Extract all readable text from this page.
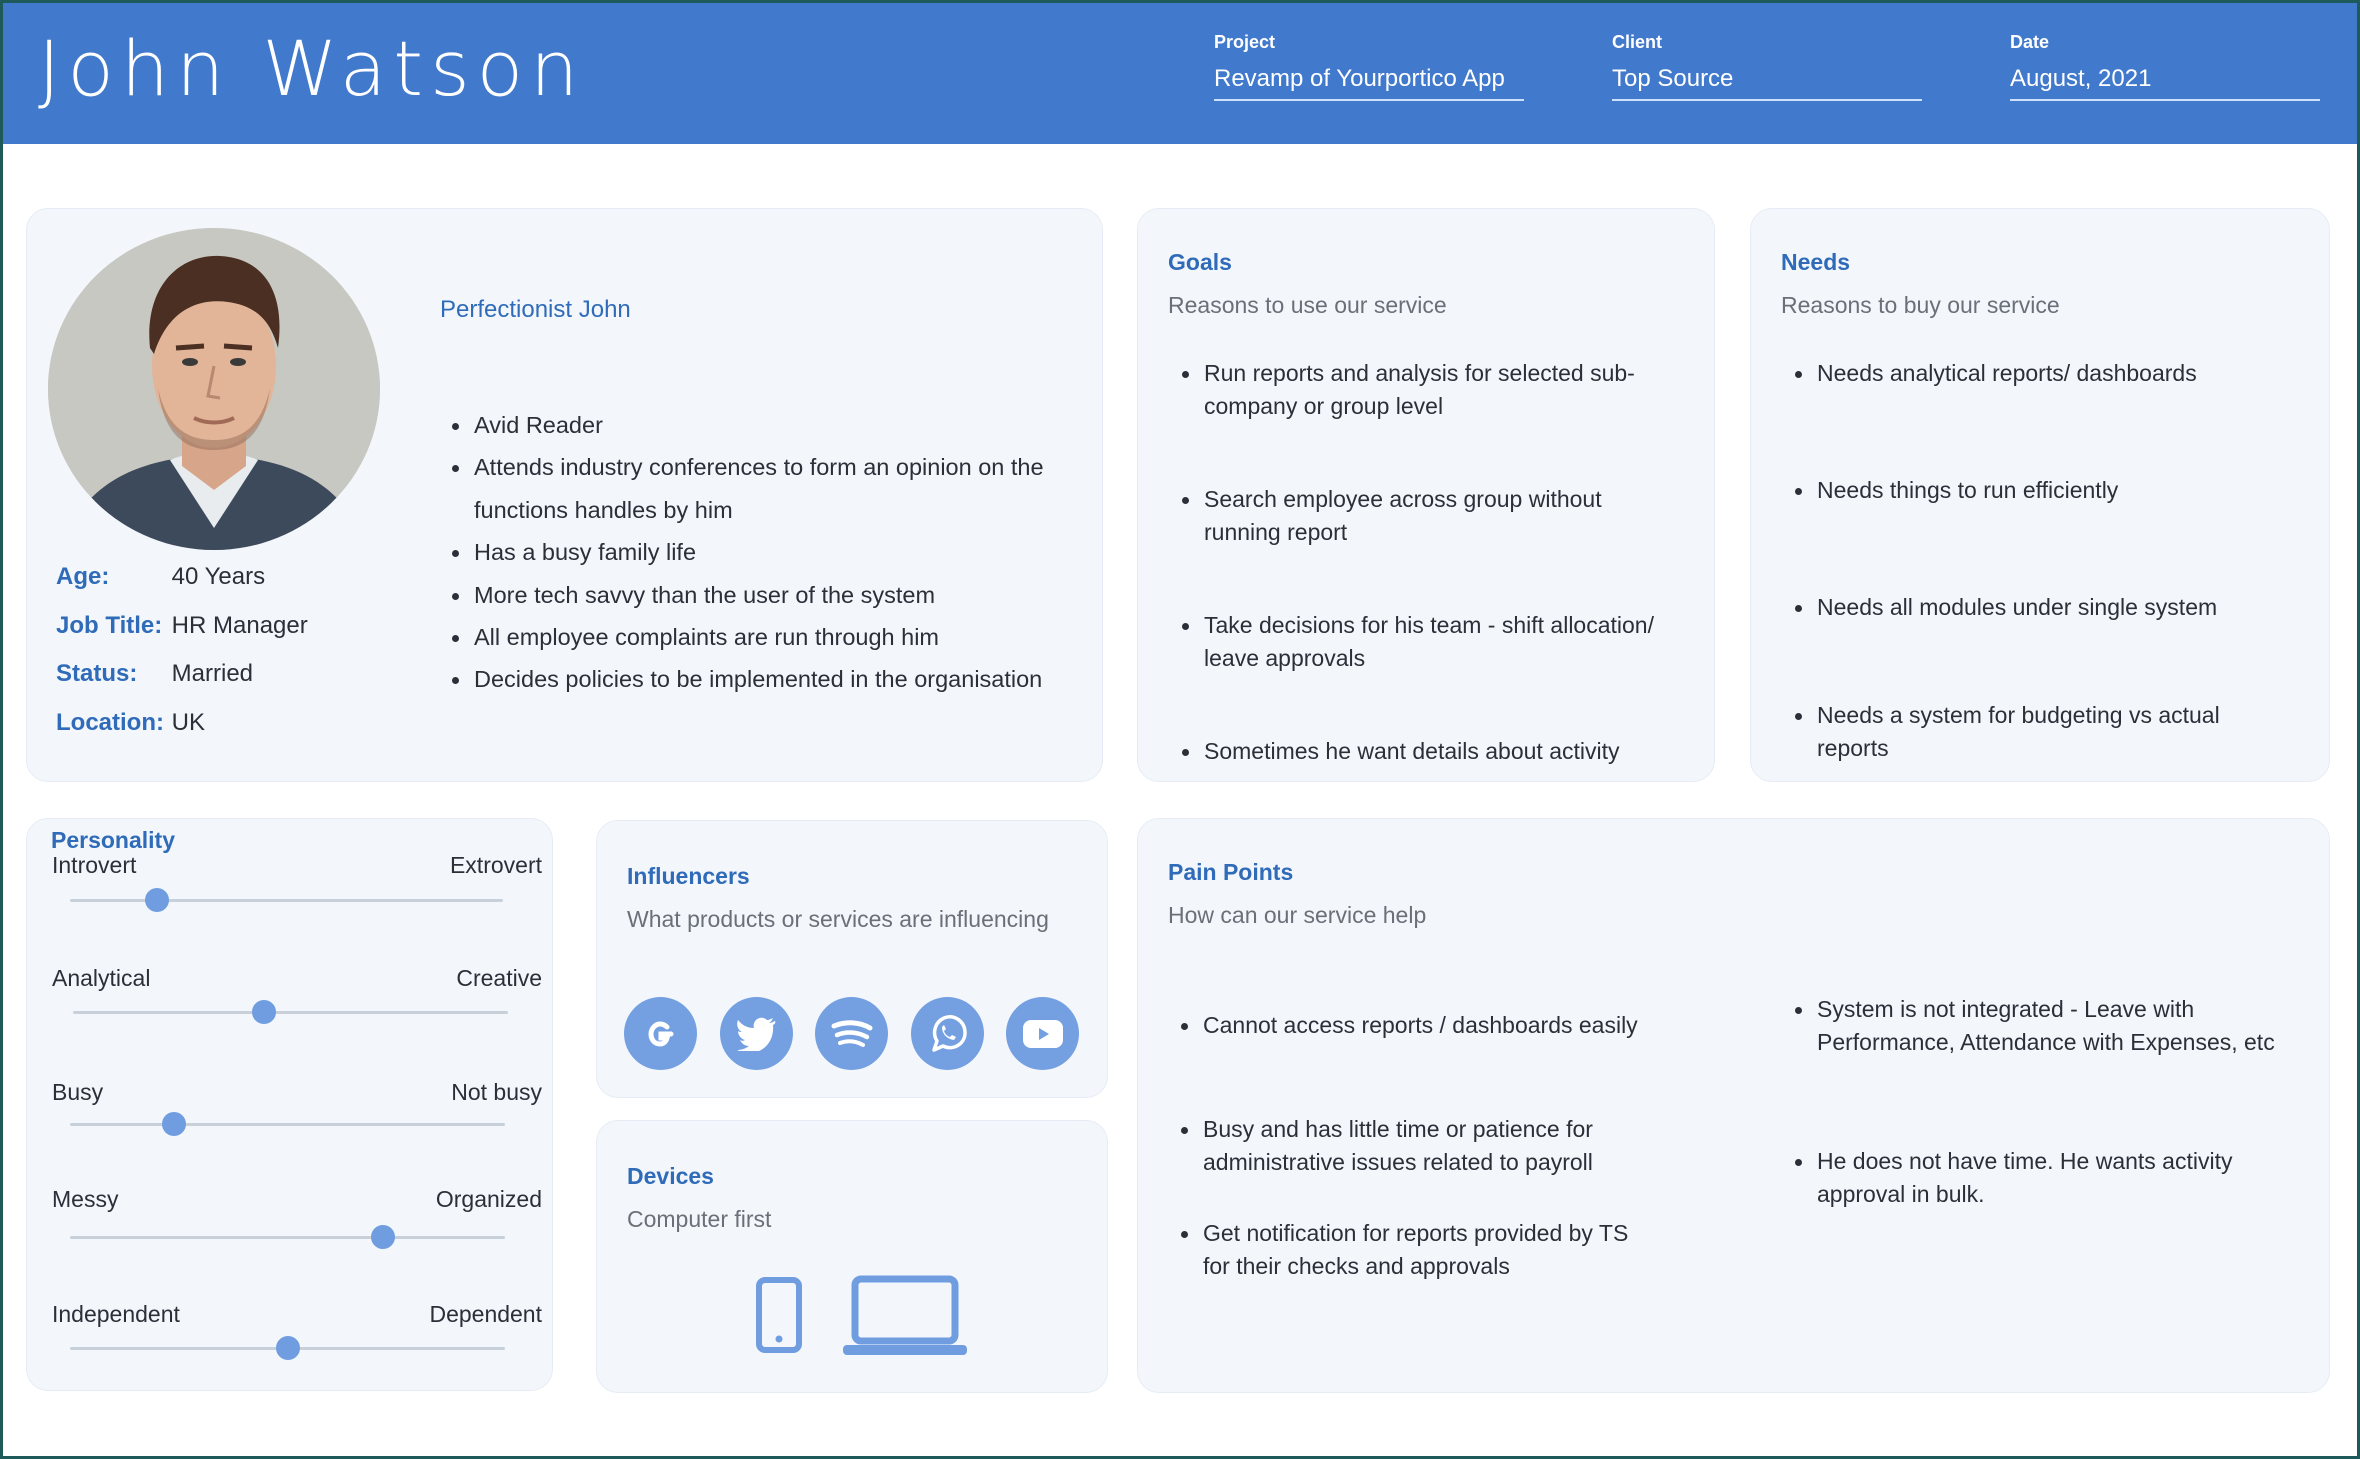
John Watson	Project
Revamp of Yourportico App
Client
Top Source
Date
August, 2021
Age:	40 Years
Job Title: HR Manager
Status: Married
Location: UK
Perfectionist John
Avid Reader
Attends industry conferences to form an opinion on the functions handles by him
Has a busy family life
More tech savvy than the user of the system
All employee complaints are run through him
Decides policies to be implemented in the organisation
Goals
Reasons to use our service
Run reports and analysis for selected sub-company or group level
Search employee across group without running report
Take decisions for his team - shift allocation/ leave approvals
Sometimes he want details about activity
Needs
Reasons to buy our service
Needs analytical reports/ dashboards
Needs things to run efficiently
Needs all modules under single system
Needs a system for budgeting vs actual reports
Personality
Introvert	Extrovert
Analytical	Creative
Busy	Not busy
Messy	Organized
Independent	Dependent
Influencers
What products or services are influencing
Devices
Computer first
Pain Points
How can our service help
Cannot access reports / dashboards easily
Busy and has little time or patience for administrative issues related to payroll
Get notification for reports provided by TS for their checks and approvals
System is not integrated - Leave with Performance, Attendance with Expenses, etc
He does not have time. He wants activity approval in bulk.
